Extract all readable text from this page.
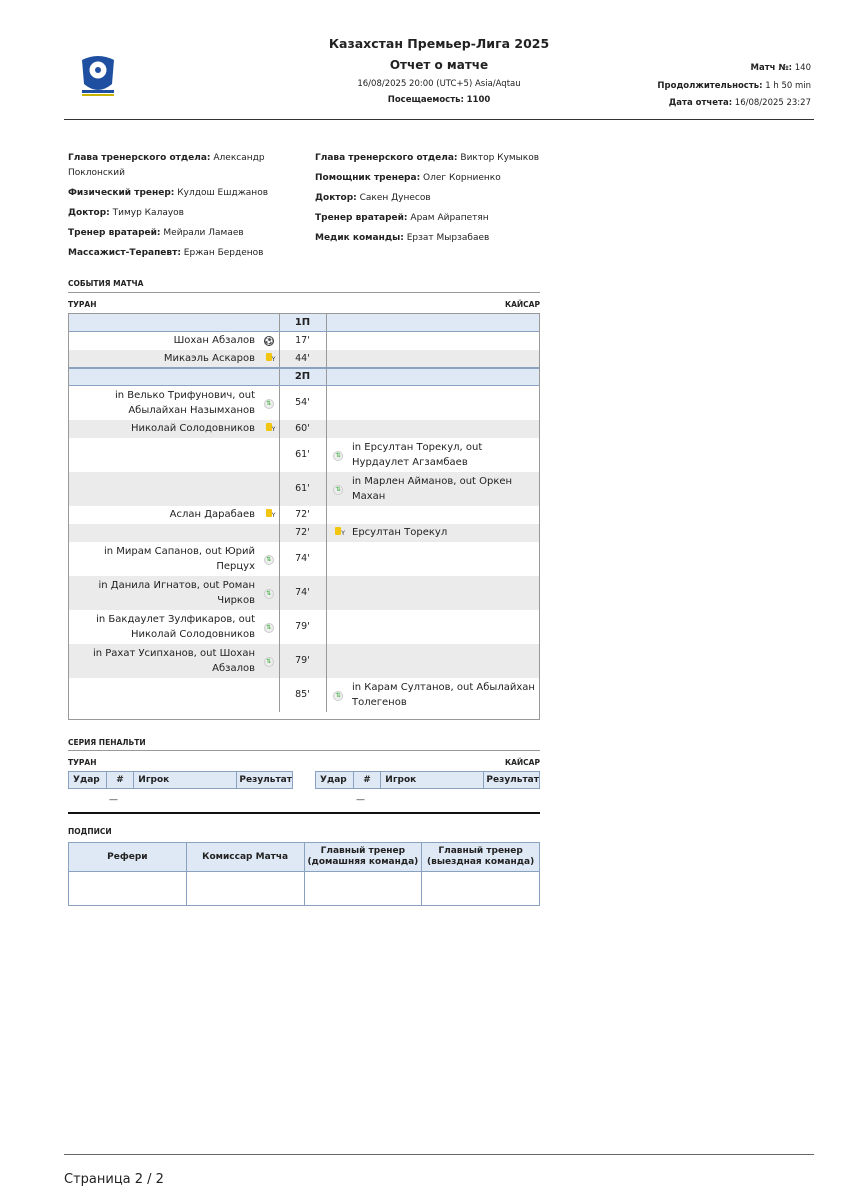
Казахстан Премьер-Лига 2025
Отчет о матче
16/08/2025 20:00 (UTC+5) Asia/Aqtau
Посещаемость: 1100
Матч №: 140
Продолжительность: 1 h 50 min
Дата отчета: 16/08/2025 23:27

Глава тренерского отдела: Александр Поклонский

Физический тренер: Кулдош Ешджанов

Доктор: Тимур Калауов

Тренер вратарей: Мейрали Ламаев

Массажист-Терапевт: Ержан Берденов

Глава тренерского отдела: Виктор Кумыков

Помощник тренера: Олег Корниенко

Доктор: Сакен Дунесов

Тренер вратарей: Арам Айрапетян

Медик команды: Ерзат Мырзабаев

СОБЫТИЯ МАТЧА
ТУРАН	КАЙСАР
		1П		
Шохан Абзалов	⚽	17'		
Микаэль Аскаров	Y	44'		
		2П		
in Велько Трифунович, out Абылайхан Назымханов	⇅	54'		
Николай Солодовников	Y	60'		
		61'	⇅	in Ерсултан Торекул, out Нурдаулет Агзамбаев
		61'	⇅	in Марлен Айманов, out Оркен Махан
Аслан Дарабаев	Y	72'		
		72'	Y	Ерсултан Торекул
in Мирам Сапанов, out Юрий Перцух	⇅	74'		
in Данила Игнатов, out Роман Чирков	⇅	74'		
in Бакдаулет Зулфикаров, out Николай Солодовников	⇅	79'		
in Рахат Усипханов, out Шохан Абзалов	⇅	79'		
		85'	⇅	in Карам Султанов, out Абылайхан Толегенов
СЕРИЯ ПЕНАЛЬТИ
ТУРАН	КАЙСАР
Удар	#	Игрок	Результат	Удар	#	Игрок	Результат
—	—
ПОДПИСИ
Рефери	Комиссар Матча	Главный тренер (домашняя команда)	Главный тренер (выездная команда)

Страница 2 / 2
